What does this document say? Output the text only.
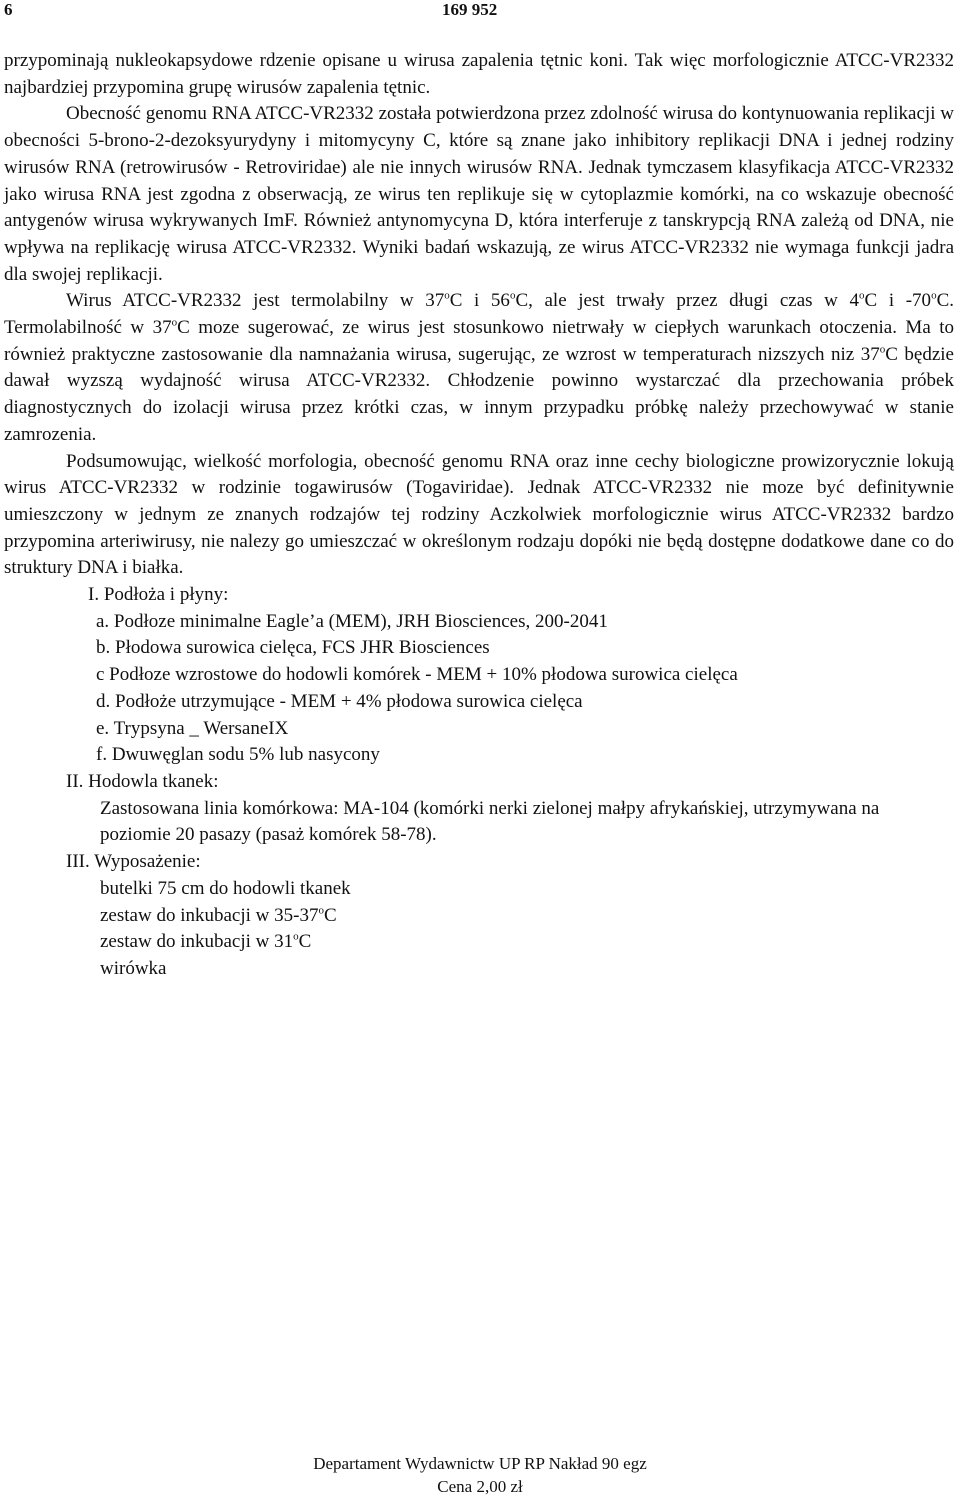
6	169 952

przypominają nukleokapsydowe rdzenie opisane u wirusa zapalenia tętnic koni. Tak więc morfologicznie ATCC-VR2332 najbardziej przypomina grupę wirusów zapalenia tętnic.

Obecność genomu RNA ATCC-VR2332 została potwierdzona przez zdolność wirusa do kontynuowania replikacji w obecności 5-brono-2-dezoksyurydyny i mitomycyny C, które są znane jako inhibitory replikacji DNA i jednej rodziny wirusów RNA (retrowirusów - Retroviridae) ale nie innych wirusów RNA. Jednak tymczasem klasyfikacja ATCC-VR2332 jako wirusa RNA jest zgodna z obserwacją, ze wirus ten replikuje się w cytoplazmie komórki, na co wskazuje obecność antygenów wirusa wykrywanych ImF. Również antynomycyna D, która interferuje z tanskrypcją RNA zależą od DNA, nie wpływa na replikację wirusa ATCC-VR2332. Wyniki badań wskazują, ze wirus ATCC-VR2332 nie wymaga funkcji jadra dla swojej replikacji.

Wirus ATCC-VR2332 jest termolabilny w 37$^o$C i 56$^o$C, ale jest trwały przez długi czas w 4$^o$C i -70$^o$C. Termolabilność w 37$^o$C moze sugerować, ze wirus jest stosunkowo nietrwały w ciepłych warunkach otoczenia. Ma to również praktyczne zastosowanie dla namnażania wirusa, sugerując, ze wzrost w temperaturach nizszych niz 37$^o$C będzie dawał wyzszą wydajność wirusa ATCC-VR2332. Chłodzenie powinno wystarczać dla przechowania próbek diagnostycznych do izolacji wirusa przez krótki czas, w innym przypadku próbkę należy przechowywać w stanie zamrozenia.

Podsumowując, wielkość morfologia, obecność genomu RNA oraz inne cechy biologiczne prowizorycznie lokują wirus ATCC-VR2332 w rodzinie togawirusów (Togaviridae). Jednak ATCC-VR2332 nie moze być definitywnie umieszczony w jednym ze znanych rodzajów tej rodziny Aczkolwiek morfologicznie wirus ATCC-VR2332 bardzo przypomina arteriwirusy, nie nalezy go umieszczać w określonym rodzaju dopóki nie będą dostępne dodatkowe dane co do struktury DNA i białka.

I. Podłoża i płyny:

a. Podłoze minimalne Eagle’a (MEM), JRH Biosciences, 200-2041

b. Płodowa surowica cielęca, FCS JHR Biosciences

c Podłoze wzrostowe do hodowli komórek - MEM + 10% płodowa surowica cielęca

d. Podłoże utrzymujące - MEM + 4% płodowa surowica cielęca

e. Trypsyna _ WersaneIX

f. Dwuwęglan sodu 5% lub nasycony

II. Hodowla tkanek:

Zastosowana linia komórkowa: MA-104 (komórki nerki zielonej małpy afrykańskiej, utrzymywana na poziomie 20 pasazy (pasaż komórek 58-78).

III. Wyposażenie:

butelki 75 cm do hodowli tkanek

zestaw do inkubacji w 35-37$^o$C

zestaw do inkubacji w 31$^o$C

wirówka

Departament Wydawnictw UP RP Nakład 90 egz
Cena 2,00 zł
